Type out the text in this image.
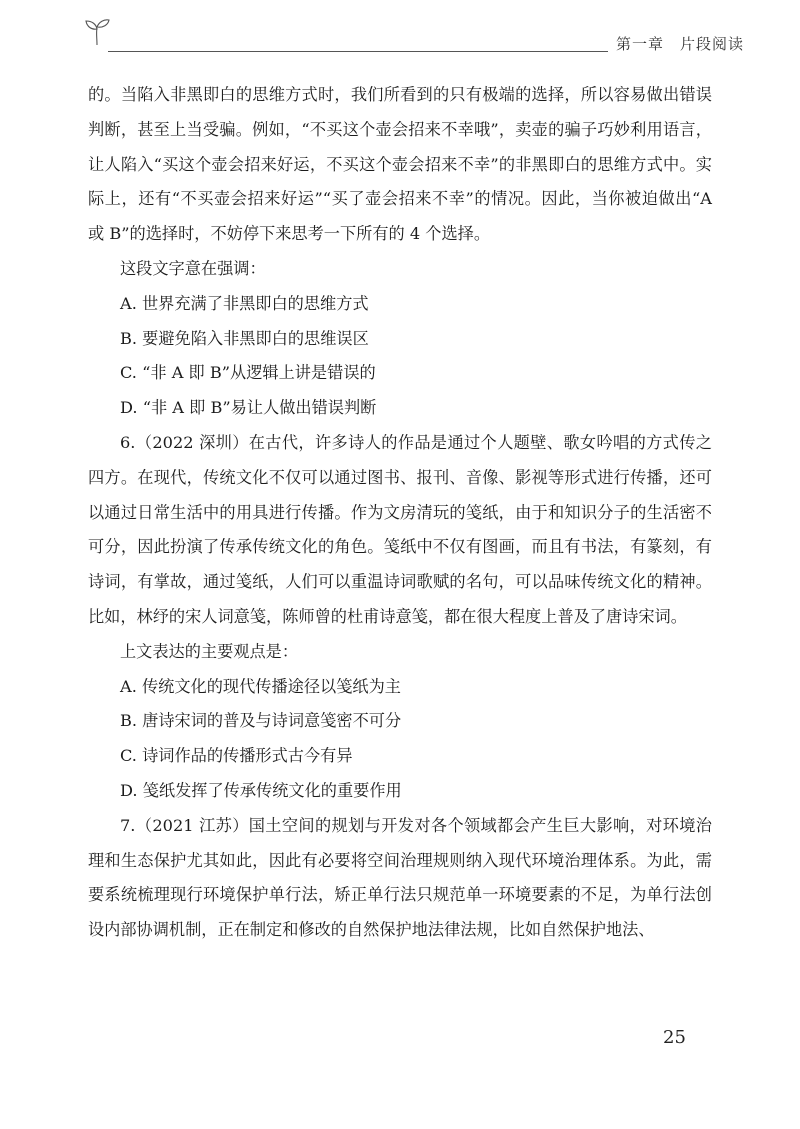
第一章　片段阅读

的。当陷入非黑即白的思维方式时，我们所看到的只有极端的选择，所以容易做出错误判断，甚至上当受骗。例如，“不买这个壶会招来不幸哦”，卖壶的骗子巧妙利用语言，让人陷入“买这个壶会招来好运，不买这个壶会招来不幸”的非黑即白的思维方式中。实际上，还有“不买壶会招来好运”“买了壶会招来不幸”的情况。因此，当你被迫做出“A 或 B”的选择时，不妨停下来思考一下所有的 4 个选择。

这段文字意在强调：

A. 世界充满了非黑即白的思维方式

B. 要避免陷入非黑即白的思维误区

C. “非 A 即 B”从逻辑上讲是错误的

D. “非 A 即 B”易让人做出错误判断

6.（2022 深圳）在古代，许多诗人的作品是通过个人题壁、歌女吟唱的方式传之四方。在现代，传统文化不仅可以通过图书、报刊、音像、影视等形式进行传播，还可以通过日常生活中的用具进行传播。作为文房清玩的笺纸，由于和知识分子的生活密不可分，因此扮演了传承传统文化的角色。笺纸中不仅有图画，而且有书法，有篆刻，有诗词，有掌故，通过笺纸，人们可以重温诗词歌赋的名句，可以品味传统文化的精神。比如，林纾的宋人词意笺，陈师曾的杜甫诗意笺，都在很大程度上普及了唐诗宋词。

上文表达的主要观点是：

A. 传统文化的现代传播途径以笺纸为主

B. 唐诗宋词的普及与诗词意笺密不可分

C. 诗词作品的传播形式古今有异

D. 笺纸发挥了传承传统文化的重要作用

7.（2021 江苏）国土空间的规划与开发对各个领域都会产生巨大影响，对环境治理和生态保护尤其如此，因此有必要将空间治理规则纳入现代环境治理体系。为此，需要系统梳理现行环境保护单行法，矫正单行法只规范单一环境要素的不足，为单行法创设内部协调机制，正在制定和修改的自然保护地法律法规，比如自然保护地法、

25
